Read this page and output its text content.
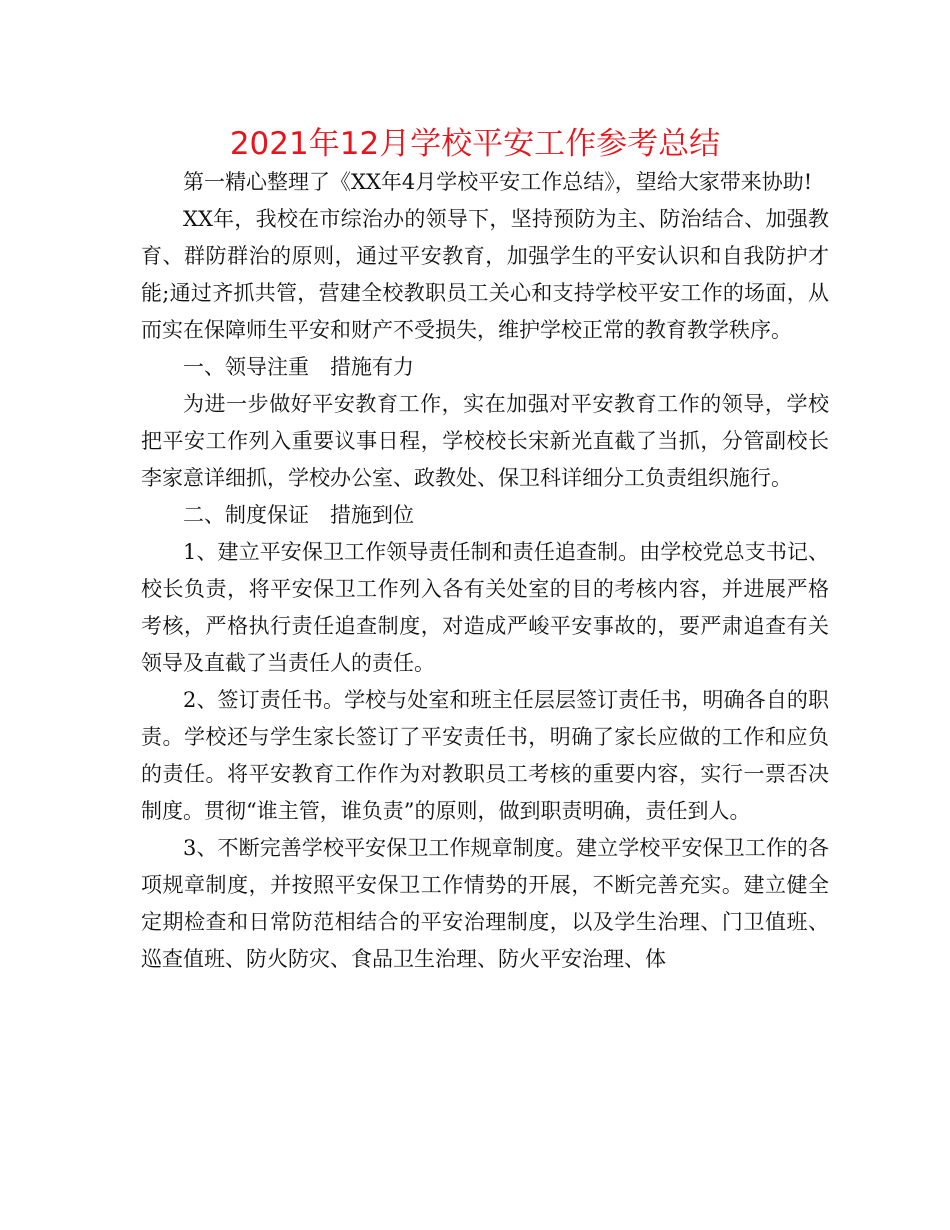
2021年12月学校平安工作参考总结

第一精心整理了《XX年4月学校平安工作总结》，望给大家带来协助!

XX年，我校在市综治办的领导下，坚持预防为主、防治结合、加强教育、群防群治的原则，通过平安教育，加强学生的平安认识和自我防护才能;通过齐抓共管，营建全校教职员工关心和支持学校平安工作的场面，从而实在保障师生平安和财产不受损失，维护学校正常的教育教学秩序。

一、领导注重　措施有力

为进一步做好平安教育工作，实在加强对平安教育工作的领导，学校把平安工作列入重要议事日程，学校校长宋新光直截了当抓，分管副校长李家意详细抓，学校办公室、政教处、保卫科详细分工负责组织施行。

二、制度保证　措施到位

1、建立平安保卫工作领导责任制和责任追查制。由学校党总支书记、校长负责，将平安保卫工作列入各有关处室的目的考核内容，并进展严格考核，严格执行责任追查制度，对造成严峻平安事故的，要严肃追查有关领导及直截了当责任人的责任。

2、签订责任书。学校与处室和班主任层层签订责任书，明确各自的职责。学校还与学生家长签订了平安责任书，明确了家长应做的工作和应负的责任。将平安教育工作作为对教职员工考核的重要内容，实行一票否决制度。贯彻“谁主管，谁负责”的原则，做到职责明确，责任到人。

3、不断完善学校平安保卫工作规章制度。建立学校平安保卫工作的各项规章制度，并按照平安保卫工作情势的开展，不断完善充实。建立健全定期检查和日常防范相结合的平安治理制度，以及学生治理、门卫值班、巡查值班、防火防灾、食品卫生治理、防火平安治理、体
